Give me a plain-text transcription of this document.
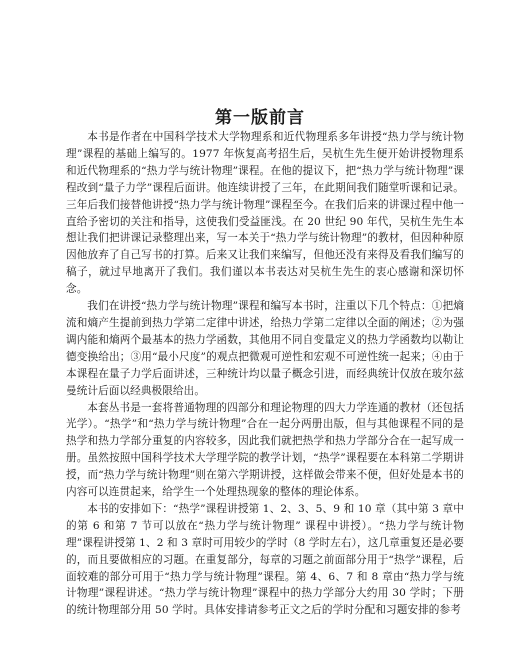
第一版前言

本书是作者在中国科学技术大学物理系和近代物理系多年讲授“热力学与统计物理”课程的基础上编写的。1977 年恢复高考招生后，吴杭生先生便开始讲授物理系和近代物理系的“热力学与统计物理”课程。在他的提议下，把“热力学与统计物理”课程改到“量子力学”课程后面讲。他连续讲授了三年，在此期间我们随堂听课和记录。三年后我们接替他讲授“热力学与统计物理”课程至今。在我们后来的讲课过程中他一直给予密切的关注和指导，这使我们受益匪浅。在 20 世纪 90 年代，吴杭生先生本想让我们把讲课记录整理出来，写一本关于“热力学与统计物理”的教材，但因种种原因他放弃了自己写书的打算。后来又让我们来编写，但他还没有来得及看我们编写的稿子，就过早地离开了我们。我们谨以本书表达对吴杭生先生的衷心感谢和深切怀念。

我们在讲授“热力学与统计物理”课程和编写本书时，注重以下几个特点：①把熵流和熵产生提前到热力学第二定律中讲述，给热力学第二定律以全面的阐述；②为强调内能和熵两个最基本的热力学函数，其他用不同自变量定义的热力学函数均以勒让德变换给出；③用“最小尺度”的观点把微观可逆性和宏观不可逆性统一起来；④由于本课程在量子力学后面讲述，三种统计均以量子概念引进，而经典统计仅放在玻尔兹曼统计后面以经典极限给出。

本套丛书是一套将普通物理的四部分和理论物理的四大力学连通的教材（还包括光学）。“热学”和“热力学与统计物理”合在一起分两册出版，但与其他课程不同的是热学和热力学部分重复的内容较多，因此我们就把热学和热力学部分合在一起写成一册。虽然按照中国科学技术大学理学院的教学计划，“热学”课程要在本科第二学期讲授，而“热力学与统计物理”则在第六学期讲授，这样做会带来不便，但好处是本书的内容可以连贯起来，给学生一个处理热现象的整体的理论体系。

本书的安排如下：“热学”课程讲授第 1、2、3、5、9 和 10 章（其中第 3 章中的第 6 和第 7 节可以放在“热力学与统计物理” 课程中讲授）。“热力学与统计物理”课程讲授第 1、2 和 3 章时可用较少的学时（8 学时左右），这几章重复还是必要的，而且要做相应的习题。在重复部分，每章的习题之前面部分用于“热学”课程，后面较难的部分可用于“热力学与统计物理”课程。第 4、6、7 和 8 章由“热力学与统计物理”课程讲述。“热力学与统计物理”课程中的热力学部分大约用 30 学时；下册的统计物理部分用 50 学时。具体安排请参考正文之后的学时分配和习题安排的参考
